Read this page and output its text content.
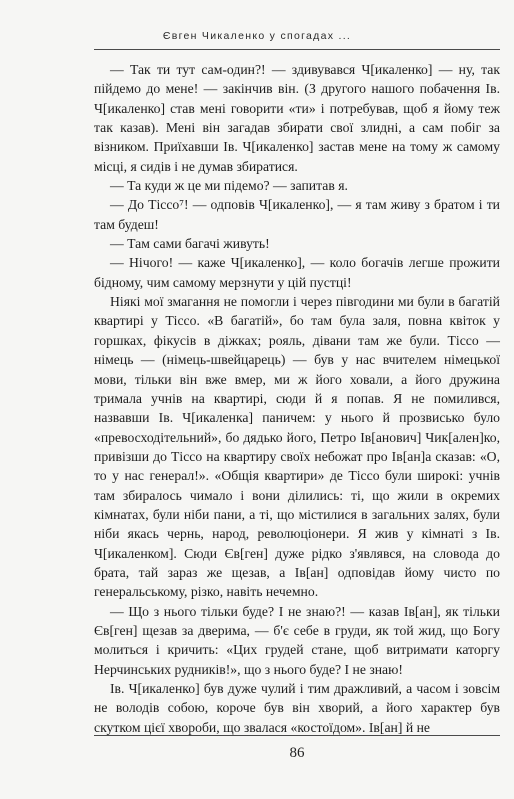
Євген Чикаленко у спогадах ...

— Так ти тут сам-один?! — здивувався Ч[икаленко] — ну, так пійдемо до мене! — закінчив він. (З другого нашого побачення Ів. Ч[икаленко] став мені говорити «ти» і потребував, щоб я йому теж так казав). Мені він загадав збирати свої злидні, а сам побіг за візником. Приїхавши Ів. Ч[икаленко] застав мене на тому ж самому місці, я сидів і не думав збиратися.

— Та куди ж це ми підемо? — запитав я.

— До Тіссо⁷! — одповів Ч[икаленко], — я там живу з братом і ти там будеш!

— Там сами багачі живуть!

— Нічого! — каже Ч[икаленко], — коло богачів легше прожити бідному, чим самому мерзнути у цій пустці!

Ніякі мої змагання не помогли і через півгодини ми були в багатій квартирі у Тіссо. «В багатій», бо там була заля, повна квіток у горшках, фікусів в діжках; рояль, дівани там же були. Тіссо — німець — (німець-швейцарець) — був у нас вчителем німецької мови, тільки він вже вмер, ми ж його ховали, а його дружина тримала учнів на квартирі, сюди й я попав. Я не помилився, назвавши Ів. Ч[икаленка] паничем: у нього й прозвисько було «превосходітельний», бо дядько його, Петро Ів[анович] Чик[ален]ко, привізши до Тіссо на квартиру своїх небожат про Ів[ан]а сказав: «О, то у нас генерал!». «Общія квартири» де Тіссо були широкі: учнів там збиралось чимало і вони ділились: ті, що жили в окремих кімнатах, були ніби пани, а ті, що містилися в загальних залях, були ніби якась чернь, народ, революціонери. Я жив у кімнаті з Ів. Ч[икаленком]. Сюди Єв[ген] дуже рідко з'являвся, на словода до брата, тай зараз же щезав, а Ів[ан] одповідав йому чисто по генеральському, різко, навіть нечемно.

— Що з нього тільки буде? І не знаю?! — казав Ів[ан], як тільки Єв[ген] щезав за дверима, — б'є себе в груди, як той жид, що Богу молиться і кричить: «Цих грудей стане, щоб витримати каторгу Нерчинських рудників!», що з нього буде? І не знаю!

Ів. Ч[икаленко] був дуже чулий і тим дражливий, а часом і зовсім не володів собою, короче був він хворий, а його характер був скутком цієї хвороби, що звалася «костоїдом». Ів[ан] й не

86
